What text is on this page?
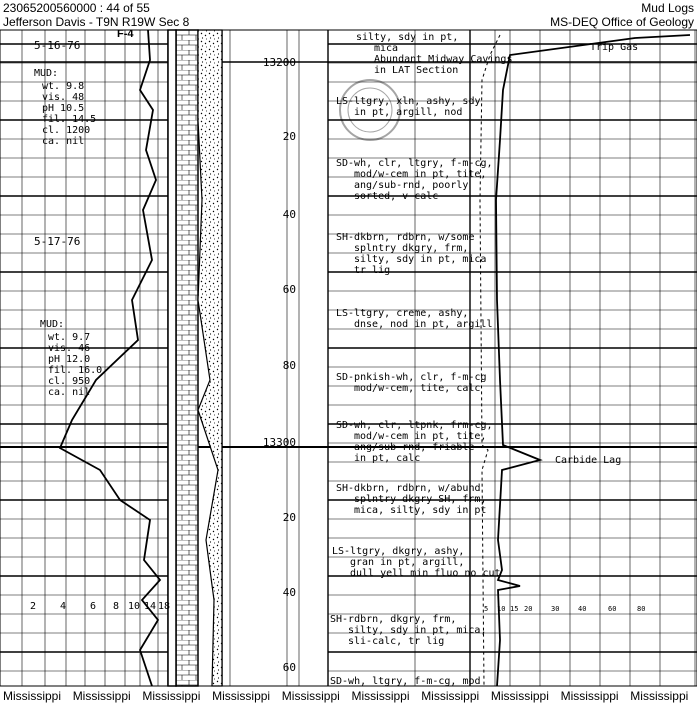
23065200560000 : 44 of 55
Jefferson Davis - T9N R19W Sec 8
Mud Logs
MS-DEQ Office of Geology
F-4
2 4 6 8 10 14 18	5 10 15 20	30	40	60	80
5-16-76
5-17-76
MUD:
wt. 9.8
vis. 48
pH 10.5
fil. 14.5
cl. 1200
ca. nil
MUD:
wt. 9.7
vis. 46
pH 12.0
fil. 16.0
cl. 950
ca. nil
13200
20
40
60
80
13300
20
40
60
silty, sdy in pt,
mica
Abundant Midway Cavings
in LAT Section
LS-ltgry, xln, ashy, sdy
in pt, argill, nod
SD-wh, clr, ltgry, f-m-cg,
mod/w-cem in pt, tite,
ang/sub-rnd, poorly
sorted, v-calc
SH-dkbrn, rdbrn, w/some
splntry dkgry, frm,
silty, sdy in pt, mica
tr lig
LS-ltgry, creme, ashy,
dnse, nod in pt, argill
SD-pnkish-wh, clr, f-m-cg
mod/w-cem, tite, calc
SD-wh, clr, ltpnk, frm-cg,
mod/w-cem in pt, tite,
ang/sub-rnd, friable
in pt, calc
SH-dkbrn, rdbrn, w/abund
splntry dkgry SH, frm,
mica, silty, sdy in pt
LS-ltgry, dkgry, ashy,
gran in pt, argill,
dull yell min fluo no cut
SH-rdbrn, dkgry, frm,
silty, sdy in pt, mica,
sli-calc, tr lig
SD-wh, ltgry, f-m-cg, mod
Trip Gas
Carbide Lag
Mississippi Mississippi Mississippi Mississippi Mississippi Mississippi Mississippi Mississippi Mississippi Mississippi
